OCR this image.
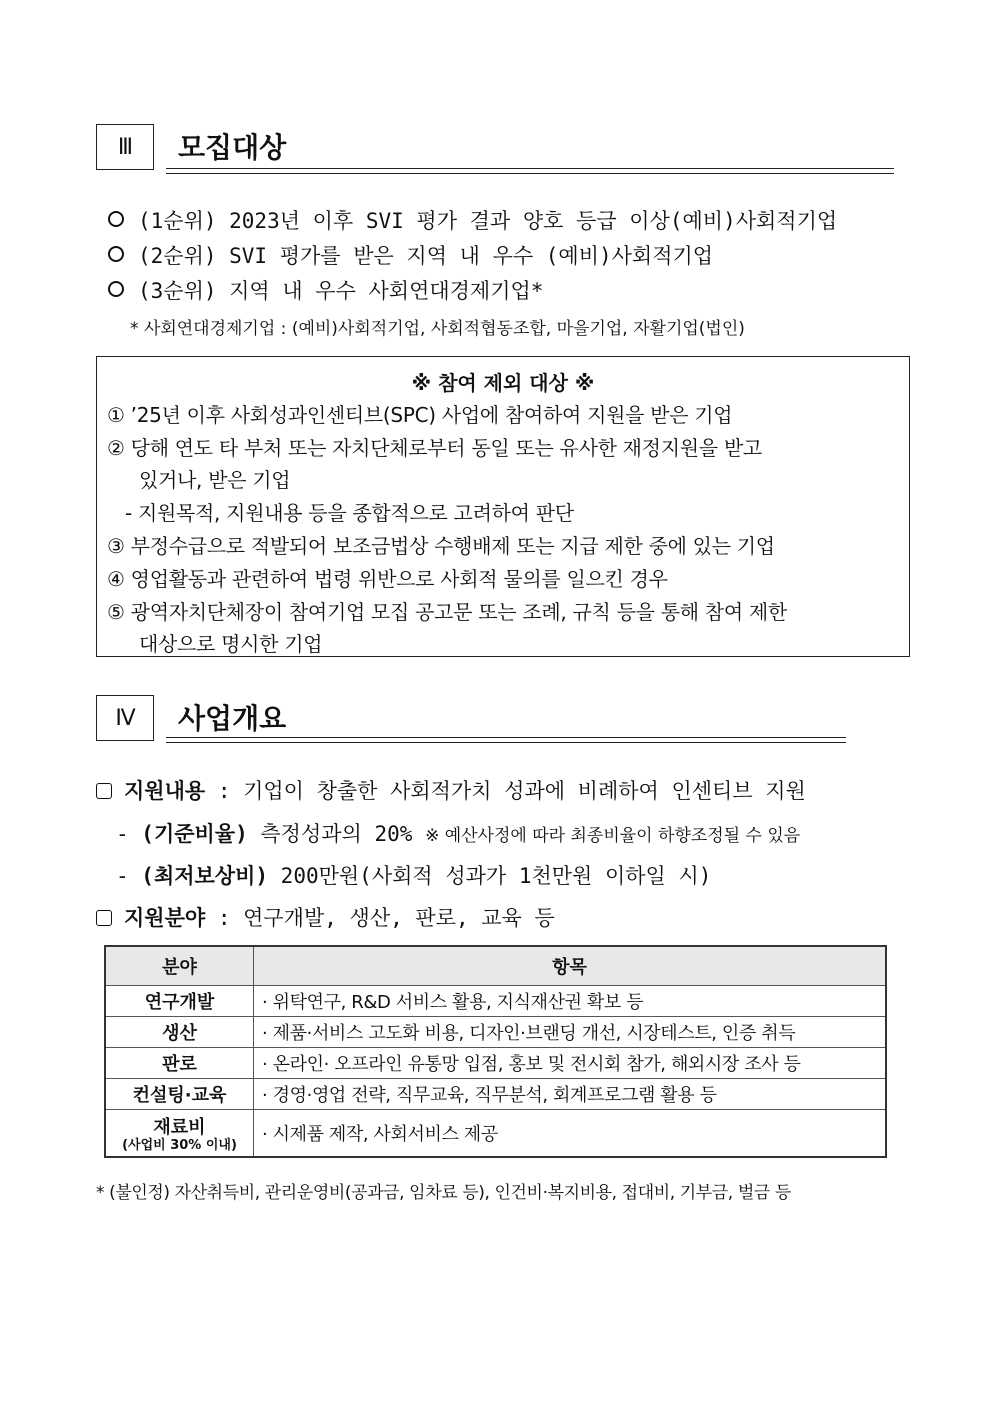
Ⅲ	모집대상
(1순위) 2023년 이후 SVI 평가 결과 양호 등급 이상(예비)사회적기업
(2순위) SVI 평가를 받은 지역 내 우수 (예비)사회적기업
(3순위) 지역 내 우수 사회연대경제기업*
* 사회연대경제기업 : (예비)사회적기업, 사회적협동조합, 마을기업, 자활기업(법인)
※ 참여 제외 대상 ※
① ’25년 이후 사회성과인센티브(SPC) 사업에 참여하여 지원을 받은 기업
② 당해 연도 타 부처 또는 자치단체로부터 동일 또는 유사한 재정지원을 받고
있거나, 받은 기업
- 지원목적, 지원내용 등을 종합적으로 고려하여 판단
③ 부정수급으로 적발되어 보조금법상 수행배제 또는 지급 제한 중에 있는 기업
④ 영업활동과 관련하여 법령 위반으로 사회적 물의를 일으킨 경우
⑤ 광역자치단체장이 참여기업 모집 공고문 또는 조례, 규칙 등을 통해 참여 제한
대상으로 명시한 기업
Ⅳ	사업개요
지원내용 : 기업이 창출한 사회적가치 성과에 비례하여 인센티브 지원
- (기준비율) 측정성과의 20% ※ 예산사정에 따라 최종비율이 하향조정될 수 있음
- (최저보상비) 200만원(사회적 성과가 1천만원 이하일 시)
지원분야 : 연구개발, 생산, 판로, 교육 등
분야	항목
연구개발	· 위탁연구, R&D 서비스 활용, 지식재산권 확보 등
생산	· 제품·서비스 고도화 비용, 디자인·브랜딩 개선, 시장테스트, 인증 취득
판로	· 온라인· 오프라인 유통망 입점, 홍보 및 전시회 참가, 해외시장 조사 등
컨설팅·교육	· 경영·영업 전략, 직무교육, 직무분석, 회계프로그램 활용 등
재료비
(사업비 30% 이내)	· 시제품 제작, 사회서비스 제공
* (불인정) 자산취득비, 관리운영비(공과금, 임차료 등), 인건비·복지비용, 접대비, 기부금, 벌금 등
